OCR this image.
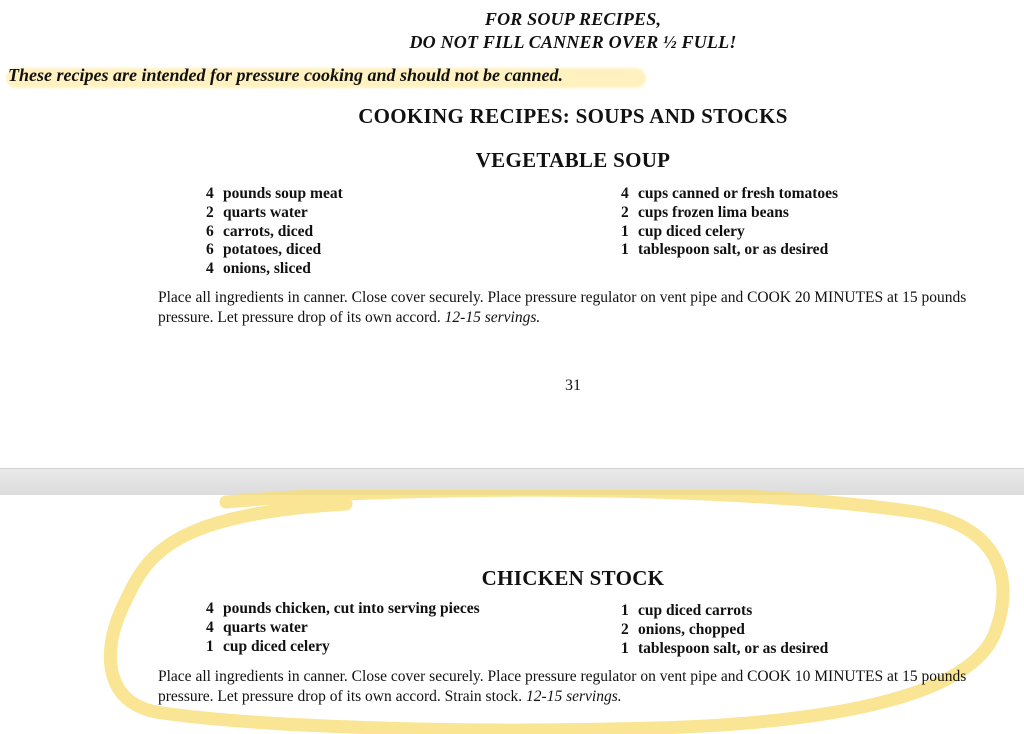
FOR SOUP RECIPES,
DO NOT FILL CANNER OVER ½ FULL!
These recipes are intended for pressure cooking and should not be canned.
COOKING RECIPES: SOUPS AND STOCKS
VEGETABLE SOUP
4 pounds soup meat
2 quarts water
6 carrots, diced
6 potatoes, diced
4 onions, sliced
4 cups canned or fresh tomatoes
2 cups frozen lima beans
1 cup diced celery
1 tablespoon salt, or as desired
Place all ingredients in canner. Close cover securely. Place pressure regulator on vent pipe and COOK 20 MINUTES at 15 pounds pressure. Let pressure drop of its own accord. 12-15 servings.
31
CHICKEN STOCK
4 pounds chicken, cut into serving pieces
4 quarts water
1 cup diced celery
1 cup diced carrots
2 onions, chopped
1 tablespoon salt, or as desired
Place all ingredients in canner. Close cover securely. Place pressure regulator on vent pipe and COOK 10 MINUTES at 15 pounds pressure. Let pressure drop of its own accord. Strain stock. 12-15 servings.
